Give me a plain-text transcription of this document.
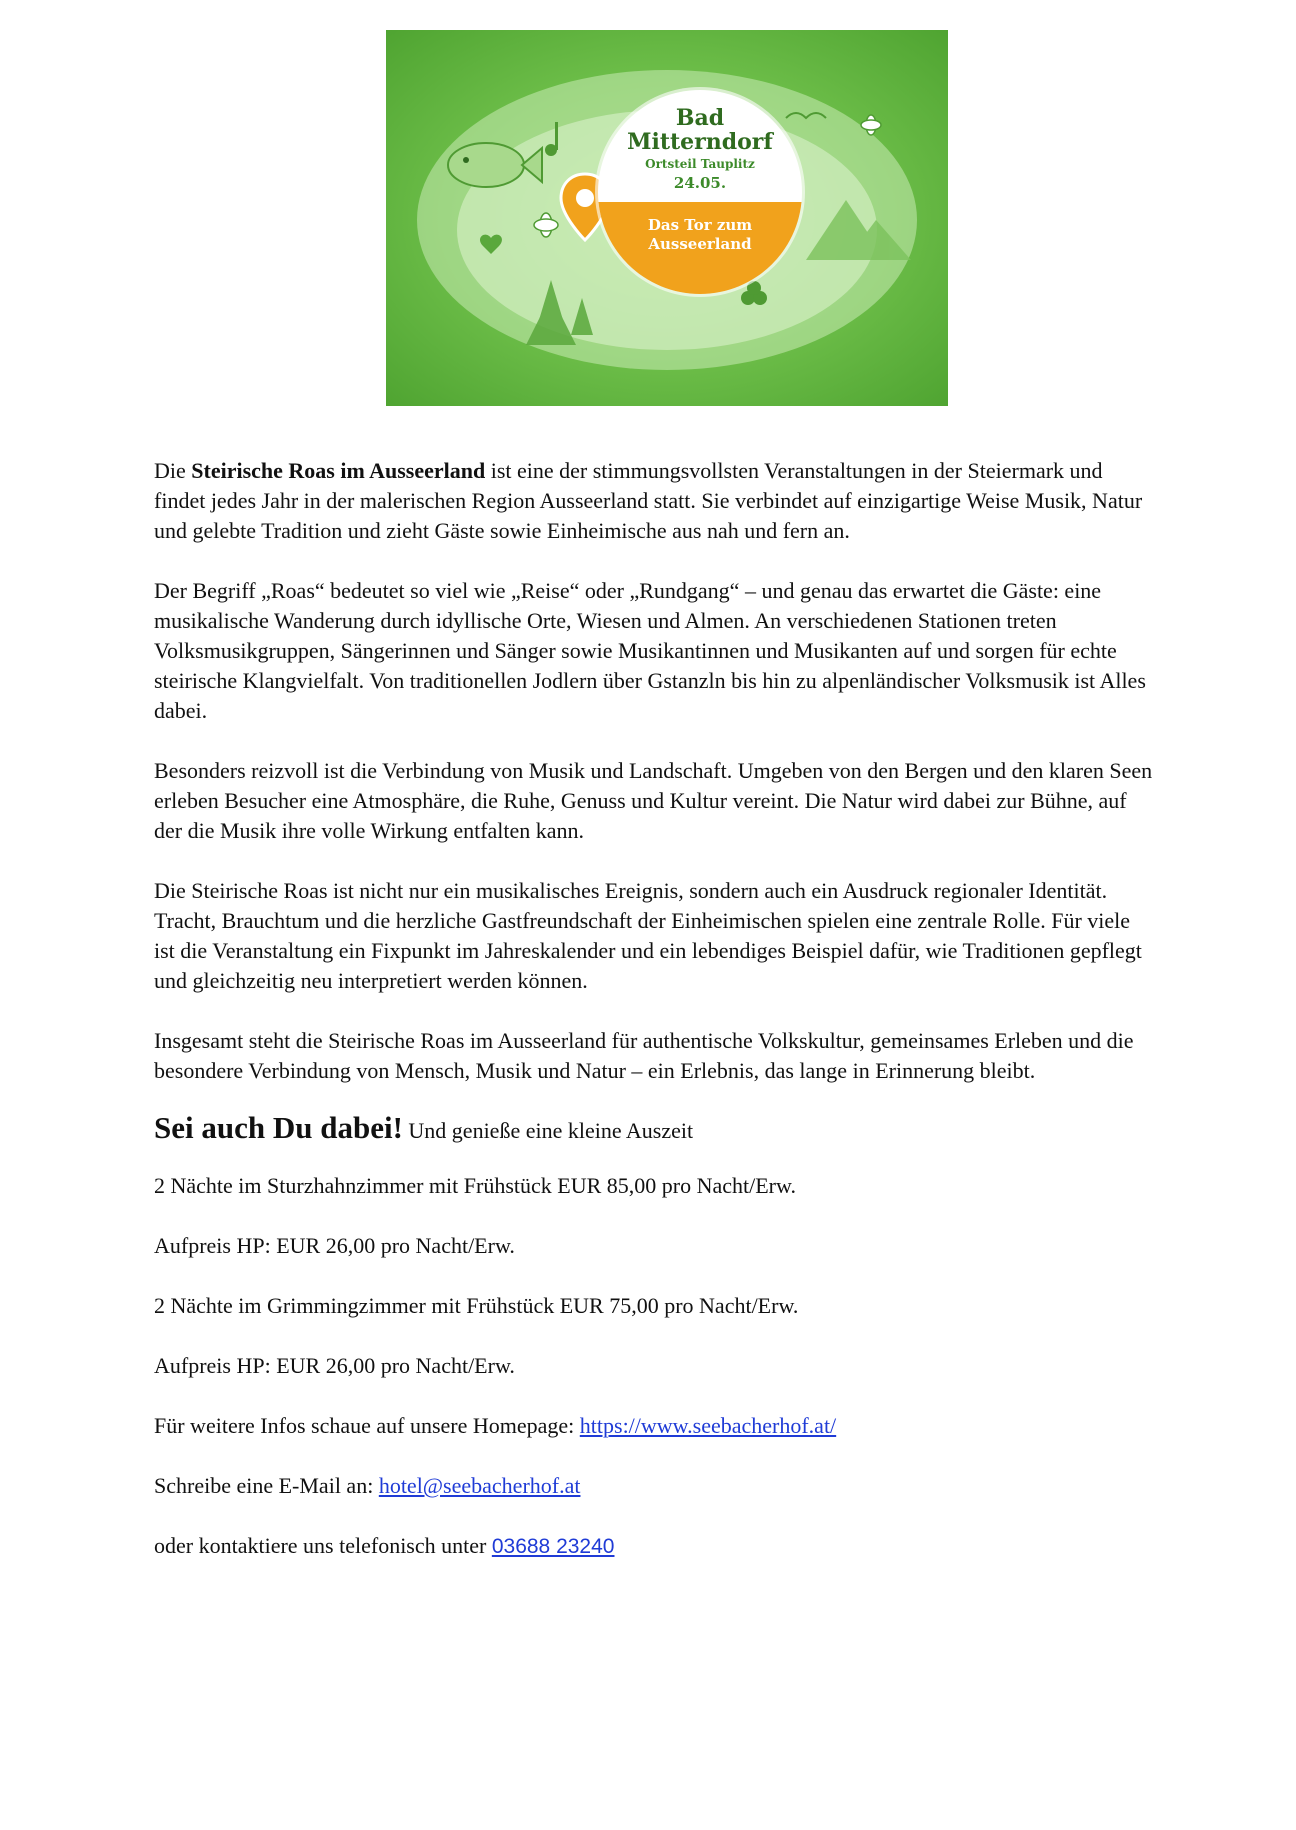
Bad
Mitterndorf
Ortsteil Tauplitz
24.05.
Das Tor zum
Ausseerland

Die Steirische Roas im Ausseerland ist eine der stimmungsvollsten Veranstaltungen in der Steiermark und findet jedes Jahr in der malerischen Region Ausseerland statt. Sie verbindet auf einzigartige Weise Musik, Natur und gelebte Tradition und zieht Gäste sowie Einheimische aus nah und fern an.

Der Begriff „Roas“ bedeutet so viel wie „Reise“ oder „Rundgang“ – und genau das erwartet die Gäste: eine musikalische Wanderung durch idyllische Orte, Wiesen und Almen. An verschiedenen Stationen treten Volksmusikgruppen, Sängerinnen und Sänger sowie Musikantinnen und Musikanten auf und sorgen für echte steirische Klangvielfalt. Von traditionellen Jodlern über Gstanzln bis hin zu alpenländischer Volksmusik ist Alles dabei.

Besonders reizvoll ist die Verbindung von Musik und Landschaft. Umgeben von den Bergen und den klaren Seen erleben Besucher eine Atmosphäre, die Ruhe, Genuss und Kultur vereint. Die Natur wird dabei zur Bühne, auf der die Musik ihre volle Wirkung entfalten kann.

Die Steirische Roas ist nicht nur ein musikalisches Ereignis, sondern auch ein Ausdruck regionaler Identität. Tracht, Brauchtum und die herzliche Gastfreundschaft der Einheimischen spielen eine zentrale Rolle. Für viele ist die Veranstaltung ein Fixpunkt im Jahreskalender und ein lebendiges Beispiel dafür, wie Traditionen gepflegt und gleichzeitig neu interpretiert werden können.

Insgesamt steht die Steirische Roas im Ausseerland für authentische Volkskultur, gemeinsames Erleben und die besondere Verbindung von Mensch, Musik und Natur – ein Erlebnis, das lange in Erinnerung bleibt.

Sei auch Du dabei! Und genieße eine kleine Auszeit

2 Nächte im Sturzhahnzimmer mit Frühstück EUR 85,00 pro Nacht/Erw.

Aufpreis HP: EUR 26,00 pro Nacht/Erw.

2 Nächte im Grimmingzimmer mit Frühstück EUR 75,00 pro Nacht/Erw.

Aufpreis HP: EUR 26,00 pro Nacht/Erw.

Für weitere Infos schaue auf unsere Homepage: https://www.seebacherhof.at/

Schreibe eine E-Mail an: hotel@seebacherhof.at

oder kontaktiere uns telefonisch unter 03688 23240
